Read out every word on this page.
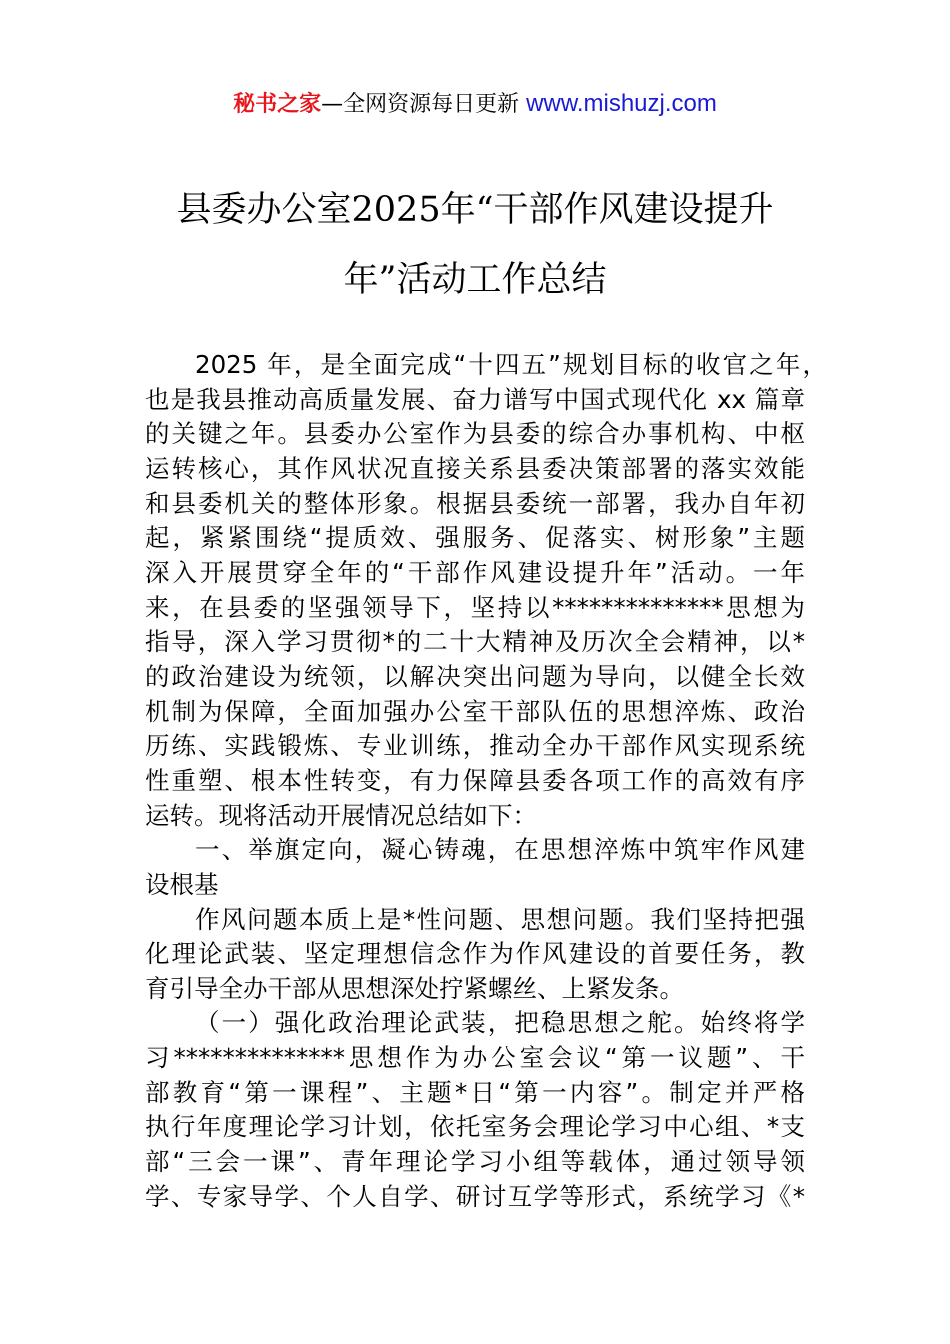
秘书之家—全网资源每日更新 www.mishuzj.com
县委办公室2025年“干部作风建设提升
年”活动工作总结
2025 年，是全面完成“十四五”规划目标的收官之年，
也是我县推动高质量发展、奋力谱写中国式现代化 xx 篇章
的关键之年。县委办公室作为县委的综合办事机构、中枢
运转核心，其作风状况直接关系县委决策部署的落实效能
和县委机关的整体形象。根据县委统一部署，我办自年初
起，紧紧围绕“提质效、强服务、促落实、树形象”主题
深入开展贯穿全年的“干部作风建设提升年”活动。一年
来，在县委的坚强领导下，坚持以**************思想为
指导，深入学习贯彻*的二十大精神及历次全会精神，以*
的政治建设为统领，以解决突出问题为导向，以健全长效
机制为保障，全面加强办公室干部队伍的思想淬炼、政治
历练、实践锻炼、专业训练，推动全办干部作风实现系统
性重塑、根本性转变，有力保障县委各项工作的高效有序
运转。现将活动开展情况总结如下：
一、举旗定向，凝心铸魂，在思想淬炼中筑牢作风建
设根基
作风问题本质上是*性问题、思想问题。我们坚持把强
化理论武装、坚定理想信念作为作风建设的首要任务，教
育引导全办干部从思想深处拧紧螺丝、上紧发条。
（一）强化政治理论武装，把稳思想之舵。始终将学
习**************思想作为办公室会议“第一议题”、干
部教育“第一课程”、主题*日“第一内容”。制定并严格
执行年度理论学习计划，依托室务会理论学习中心组、*支
部“三会一课”、青年理论学习小组等载体，通过领导领
学、专家导学、个人自学、研讨互学等形式，系统学习《*
